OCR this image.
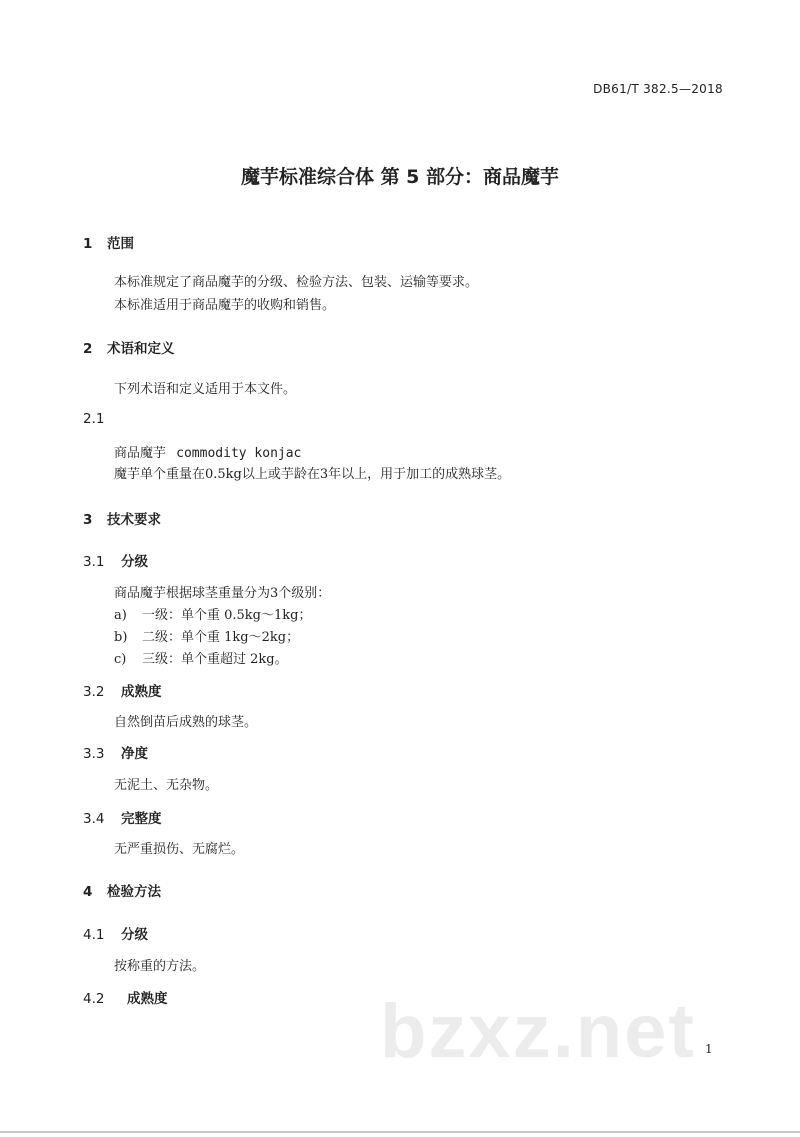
DB61/T 382.5—2018
魔芋标准综合体 第 5 部分：商品魔芋
1 范围
本标准规定了商品魔芋的分级、检验方法、包装、运输等要求。
本标准适用于商品魔芋的收购和销售。
2 术语和定义
下列术语和定义适用于本文件。
2.1
商品魔芋 commodity konjac
魔芋单个重量在0.5kg以上或芋龄在3年以上，用于加工的成熟球茎。
3 技术要求
3.1 分级
商品魔芋根据球茎重量分为3个级别：
a) 一级：单个重 0.5kg～1kg；
b) 二级：单个重 1kg～2kg；
c) 三级：单个重超过 2kg。
3.2 成熟度
自然倒苗后成熟的球茎。
3.3 净度
无泥土、无杂物。
3.4 完整度
无严重损伤、无腐烂。
4 检验方法
4.1 分级
按称重的方法。
4.2 成熟度	bzxz.net 1
